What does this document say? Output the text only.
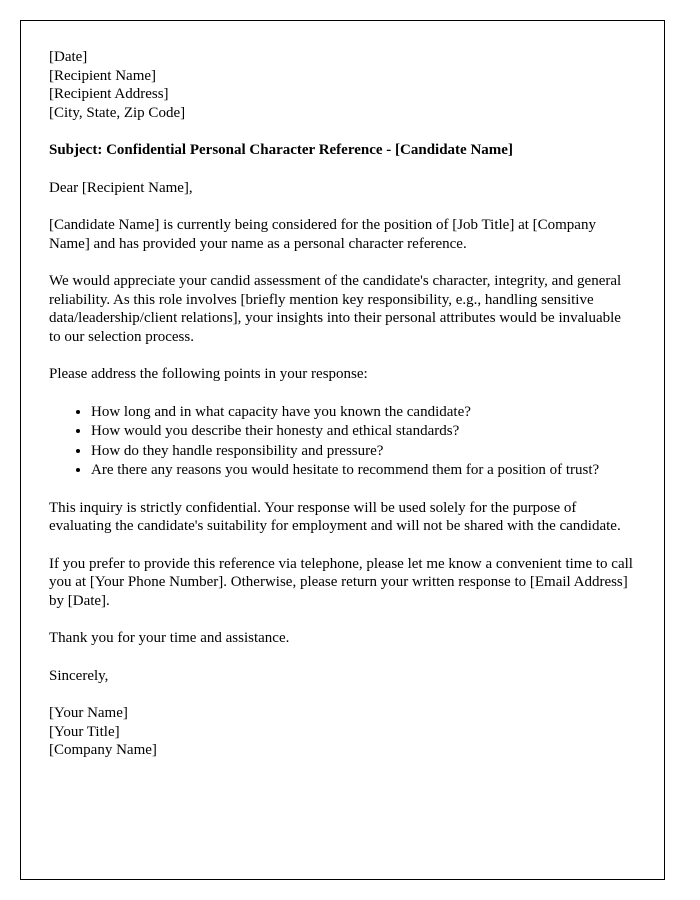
[Date]

[Recipient Name]

[Recipient Address]

[City, State, Zip Code]

Subject: Confidential Personal Character Reference - [Candidate Name]

Dear [Recipient Name],

[Candidate Name] is currently being considered for the position of [Job Title] at [Company Name] and has provided your name as a personal character reference.

We would appreciate your candid assessment of the candidate's character, integrity, and general reliability. As this role involves [briefly mention key responsibility, e.g., handling sensitive data/leadership/client relations], your insights into their personal attributes would be invaluable to our selection process.

Please address the following points in your response:

• How long and in what capacity have you known the candidate?
• How would you describe their honesty and ethical standards?
• How do they handle responsibility and pressure?
• Are there any reasons you would hesitate to recommend them for a position of trust?

This inquiry is strictly confidential. Your response will be used solely for the purpose of evaluating the candidate's suitability for employment and will not be shared with the candidate.

If you prefer to provide this reference via telephone, please let me know a convenient time to call you at [Your Phone Number]. Otherwise, please return your written response to [Email Address] by [Date].

Thank you for your time and assistance.

Sincerely,

[Your Name]

[Your Title]

[Company Name]
